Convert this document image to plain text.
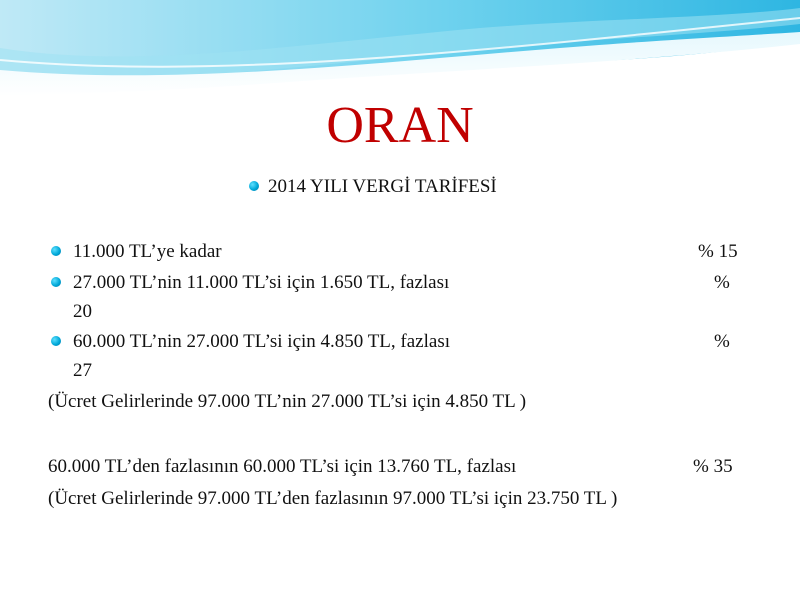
ORAN
2014 YILI VERGİ TARİFESİ
11.000 TL’ye kadar	% 15
27.000 TL’nin 11.000 TL’si için 1.650 TL, fazlası	%
20
60.000 TL’nin 27.000 TL’si için 4.850 TL, fazlası	%
27
(Ücret Gelirlerinde 97.000 TL’nin 27.000 TL’si için 4.850 TL )
60.000 TL’den fazlasının 60.000 TL’si için 13.760 TL, fazlası	% 35
(Ücret Gelirlerinde 97.000 TL’den fazlasının 97.000 TL’si için 23.750 TL )
